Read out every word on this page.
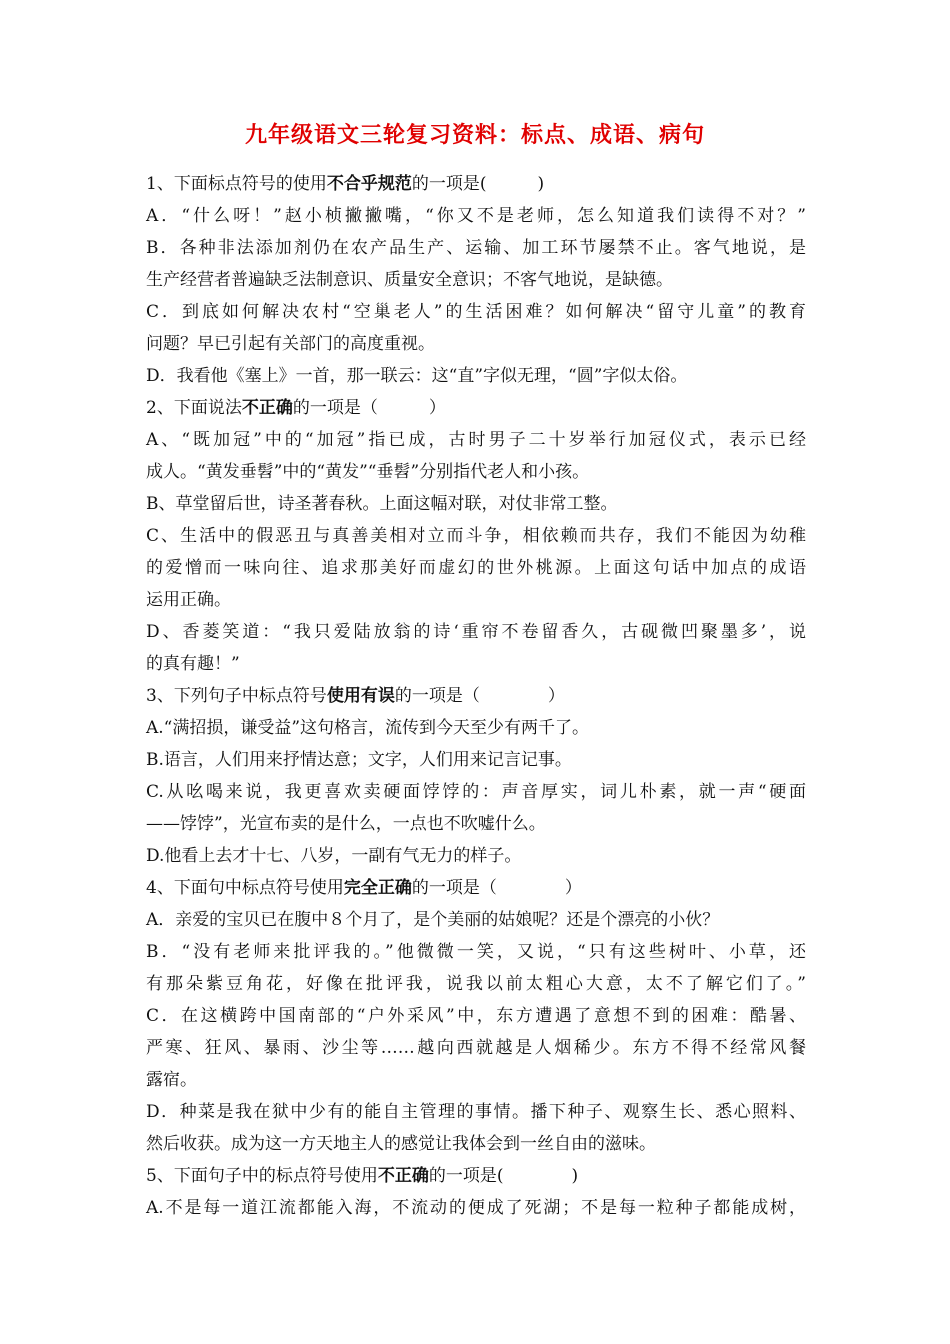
九年级语文三轮复习资料：标点、成语、病句
1、下面标点符号的使用不合乎规范的一项是(　　　)
A．“什么呀！”赵小桢撇撇嘴，“你又不是老师，怎么知道我们读得不对？”
B．各种非法添加剂仍在农产品生产、运输、加工环节屡禁不止。客气地说，是
生产经营者普遍缺乏法制意识、质量安全意识；不客气地说，是缺德。
C．到底如何解决农村“空巢老人”的生活困难？如何解决“留守儿童”的教育
问题？早已引起有关部门的高度重视。
D．我看他《塞上》一首，那一联云：这“直”字似无理，“圆”字似太俗。
2、下面说法不正确的一项是（　　　）
A、“既加冠”中的“加冠”指已成，古时男子二十岁举行加冠仪式，表示已经
成人。“黄发垂髫”中的“黄发”“垂髫”分别指代老人和小孩。
B、草堂留后世，诗圣著春秋。上面这幅对联，对仗非常工整。
C、生活中的假恶丑与真善美相对立而斗争，相依赖而共存，我们不能因为幼稚
的爱憎而一味向往、追求那美好而虚幻的世外桃源。上面这句话中加点的成语
运用正确。
D、香菱笑道：“我只爱陆放翁的诗‘重帘不卷留香久，古砚微凹聚墨多’，说
的真有趣！”
3、下列句子中标点符号使用有误的一项是（　　　　）
A.“满招损，谦受益”这句格言，流传到今天至少有两千了。
B.语言，人们用来抒情达意；文字，人们用来记言记事。
C.从吆喝来说，我更喜欢卖硬面饽饽的：声音厚实，词儿朴素，就一声“硬面
——饽饽”，光宣布卖的是什么，一点也不吹嘘什么。
D.他看上去才十七、八岁，一副有气无力的样子。
4、下面句中标点符号使用完全正确的一项是（　　　　）
A．亲爱的宝贝已在腹中８个月了，是个美丽的姑娘呢？还是个漂亮的小伙？
B．“没有老师来批评我的。”他微微一笑，又说，“只有这些树叶、小草，还
有那朵紫豆角花，好像在批评我，说我以前太粗心大意，太不了解它们了。”
C．在这横跨中国南部的“户外采风”中，东方遭遇了意想不到的困难：酷暑、
严寒、狂风、暴雨、沙尘等……越向西就越是人烟稀少。东方不得不经常风餐
露宿。
D．种菜是我在狱中少有的能自主管理的事情。播下种子、观察生长、悉心照料、
然后收获。成为这一方天地主人的感觉让我体会到一丝自由的滋味。
5、下面句子中的标点符号使用不正确的一项是(　　　　)
A.不是每一道江流都能入海，不流动的便成了死湖；不是每一粒种子都能成树，
